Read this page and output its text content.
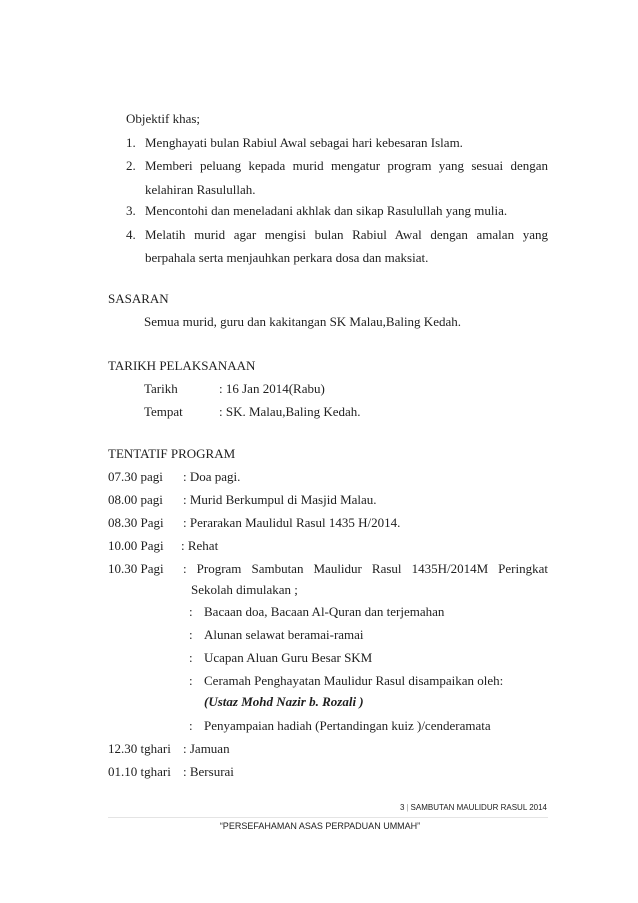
Objektif khas;
1. Menghayati bulan Rabiul Awal sebagai hari kebesaran Islam.
2. Memberi peluang kepada murid mengatur program yang sesuai dengan
kelahiran Rasulullah.
3. Mencontohi dan meneladani akhlak dan sikap Rasulullah yang mulia.
4. Melatih murid agar mengisi bulan Rabiul Awal dengan amalan yang
berpahala serta menjauhkan perkara dosa dan maksiat.
SASARAN
Semua murid, guru dan kakitangan SK Malau,Baling Kedah.
TARIKH PELAKSANAAN
Tarikh	: 16 Jan 2014(Rabu)
Tempat	: SK. Malau,Baling Kedah.
TENTATIF PROGRAM
07.30 pagi : Doa pagi.
08.00 pagi : Murid Berkumpul di Masjid Malau.
08.30 Pagi : Perarakan Maulidul Rasul 1435 H/2014.
10.00 Pagi : Rehat
10.30 Pagi : Program Sambutan Maulidur Rasul 1435H/2014M Peringkat
Sekolah dimulakan ;
: Bacaan doa, Bacaan Al-Quran dan terjemahan
: Alunan selawat beramai-ramai
: Ucapan Aluan Guru Besar SKM
: Ceramah Penghayatan Maulidur Rasul disampaikan oleh:
(Ustaz Mohd Nazir b. Rozali )
: Penyampaian hadiah (Pertandingan kuiz )/cenderamata
12.30 tghari : Jamuan
01.10 tghari : Bersurai
3 | SAMBUTAN MAULIDUR RASUL 2014
“PERSEFAHAMAN ASAS PERPADUAN UMMAH”
